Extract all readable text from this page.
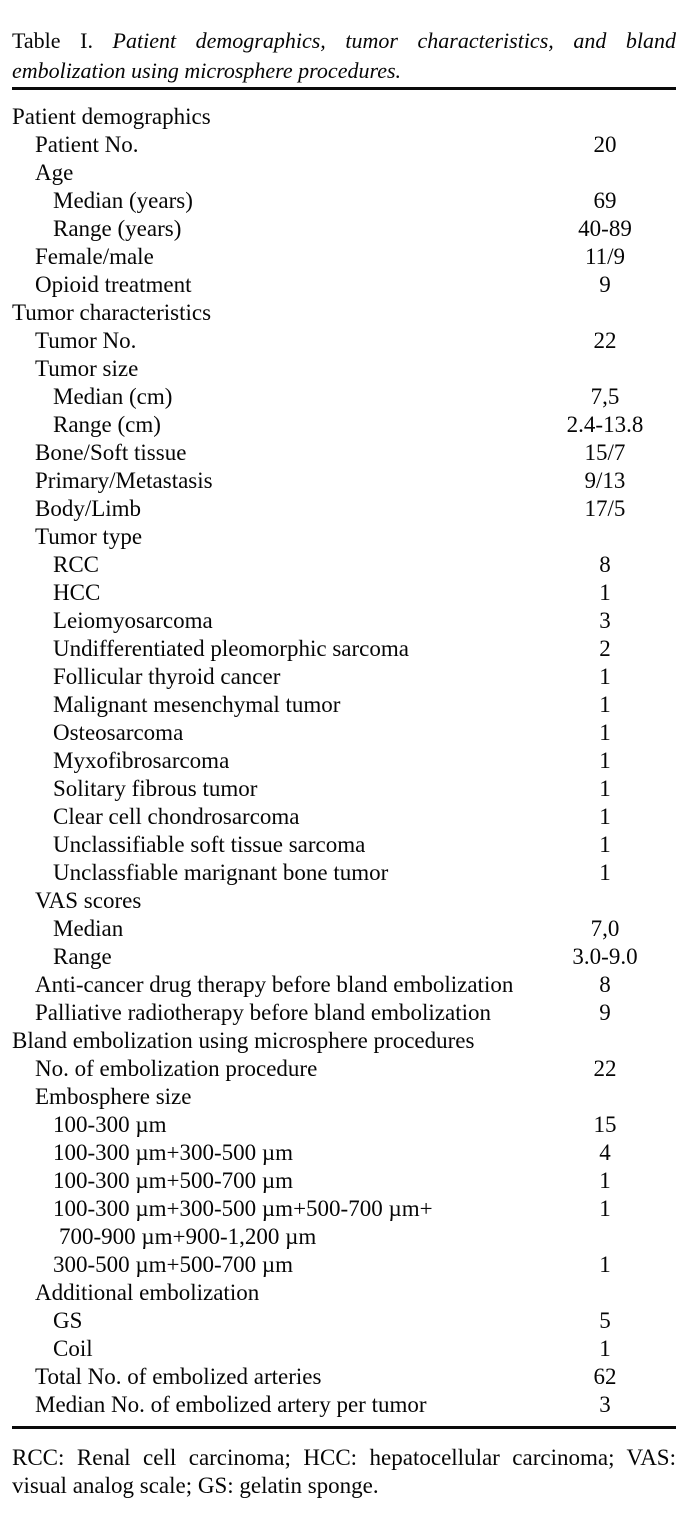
Table I. Patient demographics, tumor characteristics, and bland
embolization using microsphere procedures.
Patient demographics
Patient No.	20
Age
Median (years)	69
Range (years)	40-89
Female/male	11/9
Opioid treatment	9
Tumor characteristics
Tumor No.	22
Tumor size
Median (cm)	7,5
Range (cm)	2.4-13.8
Bone/Soft tissue	15/7
Primary/Metastasis	9/13
Body/Limb	17/5
Tumor type
RCC	8
HCC	1
Leiomyosarcoma	3
Undifferentiated pleomorphic sarcoma	2
Follicular thyroid cancer	1
Malignant mesenchymal tumor	1
Osteosarcoma	1
Myxofibrosarcoma	1
Solitary fibrous tumor	1
Clear cell chondrosarcoma	1
Unclassifiable soft tissue sarcoma	1
Unclassfiable marignant bone tumor	1
VAS scores
Median	7,0
Range	3.0-9.0
Anti-cancer drug therapy before bland embolization	8
Palliative radiotherapy before bland embolization	9
Bland embolization using microsphere procedures
No. of embolization procedure	22
Embosphere size
100-300 µm	15
100-300 µm+300-500 µm	4
100-300 µm+500-700 µm	1
100-300 µm+300-500 µm+500-700 µm+	1
700-900 µm+900-1,200 µm
300-500 µm+500-700 µm	1
Additional embolization
GS	5
Coil	1
Total No. of embolized arteries	62
Median No. of embolized artery per tumor	3
RCC: Renal cell carcinoma; HCC: hepatocellular carcinoma; VAS:
visual analog scale; GS: gelatin sponge.
